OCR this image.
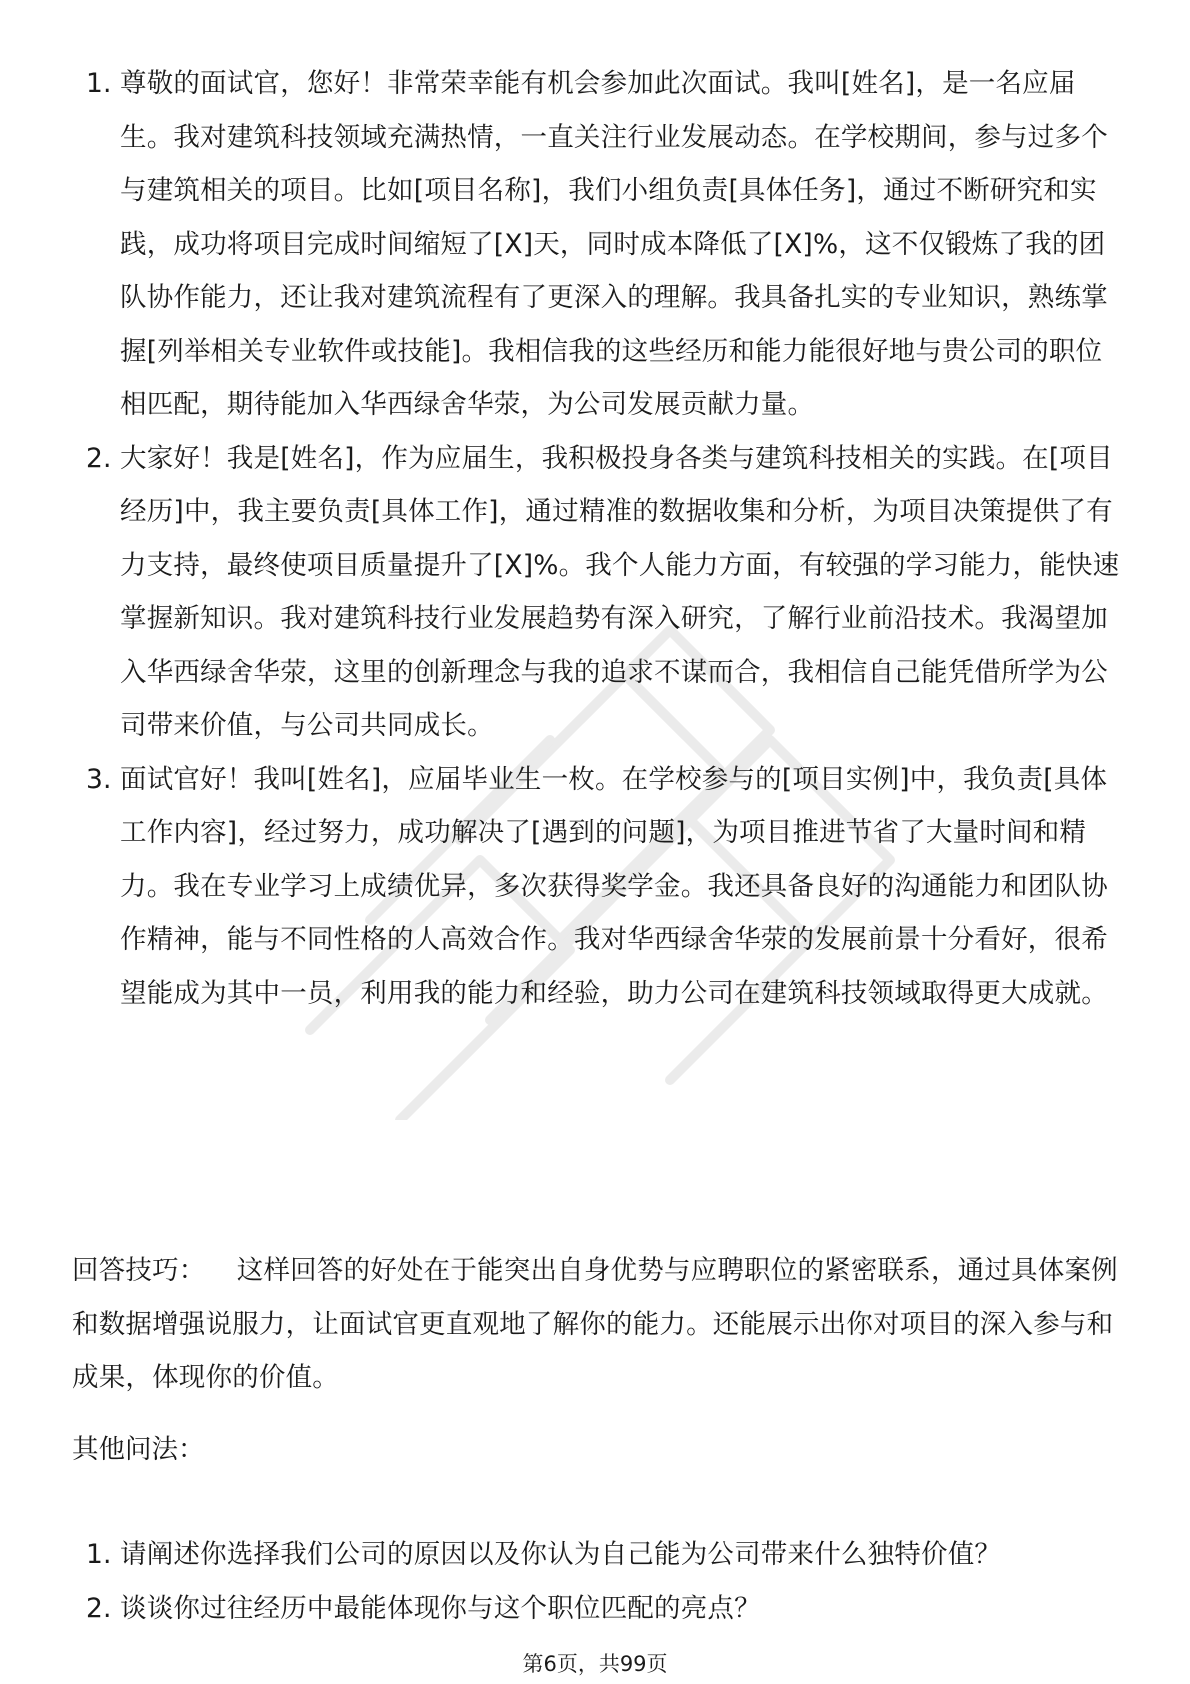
1. 尊敬的面试官，您好！非常荣幸能有机会参加此次面试。我叫[姓名]，是一名应届生。我对建筑科技领域充满热情，一直关注行业发展动态。在学校期间，参与过多个与建筑相关的项目。比如[项目名称]，我们小组负责[具体任务]，通过不断研究和实践，成功将项目完成时间缩短了[X]天，同时成本降低了[X]%，这不仅锻炼了我的团队协作能力，还让我对建筑流程有了更深入的理解。我具备扎实的专业知识，熟练掌握[列举相关专业软件或技能]。我相信我的这些经历和能力能很好地与贵公司的职位相匹配，期待能加入华西绿舍华荥，为公司发展贡献力量。
2. 大家好！我是[姓名]，作为应届生，我积极投身各类与建筑科技相关的实践。在[项目经历]中，我主要负责[具体工作]，通过精准的数据收集和分析，为项目决策提供了有力支持，最终使项目质量提升了[X]%。我个人能力方面，有较强的学习能力，能快速掌握新知识。我对建筑科技行业发展趋势有深入研究，了解行业前沿技术。我渴望加入华西绿舍华荥，这里的创新理念与我的追求不谋而合，我相信自己能凭借所学为公司带来价值，与公司共同成长。
3. 面试官好！我叫[姓名]，应届毕业生一枚。在学校参与的[项目实例]中，我负责[具体工作内容]，经过努力，成功解决了[遇到的问题]，为项目推进节省了大量时间和精力。我在专业学习上成绩优异，多次获得奖学金。我还具备良好的沟通能力和团队协作精神，能与不同性格的人高效合作。我对华西绿舍华荥的发展前景十分看好，很希望能成为其中一员，利用我的能力和经验，助力公司在建筑科技领域取得更大成就。
回答技巧： 这样回答的好处在于能突出自身优势与应聘职位的紧密联系，通过具体案例和数据增强说服力，让面试官更直观地了解你的能力。还能展示出你对项目的深入参与和成果，体现你的价值。
其他问法：
1. 请阐述你选择我们公司的原因以及你认为自己能为公司带来什么独特价值？
2. 谈谈你过往经历中最能体现你与这个职位匹配的亮点？
第6页，共99页
